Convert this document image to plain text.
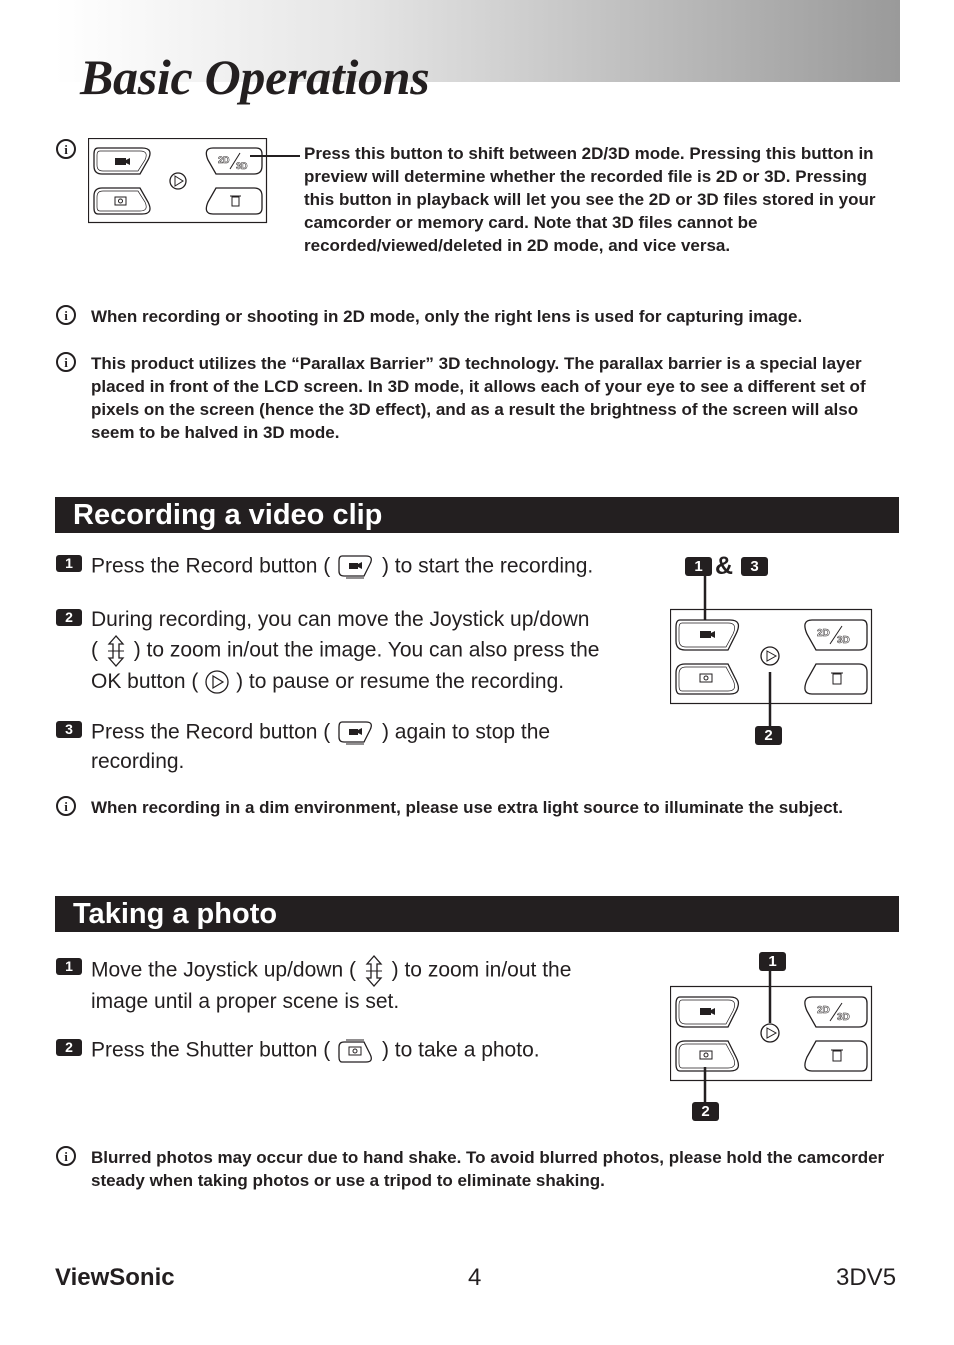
Basic Operations
i
2D
3D
Press this button to shift between 2D/3D mode. Pressing this button in preview will determine whether the recorded file is 2D or 3D. Pressing this button in playback will let you see the 2D or 3D files stored in your camcorder or memory card. Note that 3D files cannot be recorded/viewed/deleted in 2D mode, and vice versa.
i When recording or shooting in 2D mode, only the right lens is used for capturing image.
i This product utilizes the “Parallax Barrier” 3D technology. The parallax barrier is a special layer placed in front of the LCD screen. In 3D mode, it allows each of your eye to see a different set of pixels on the screen (hence the 3D effect), and as a result the brightness of the screen will also seem to be halved in 3D mode.
Recording a video clip
1 Press the Record button ( ) to start the recording.
2 During recording, you can move the Joystick up/down
( ) to zoom in/out the image. You can also press the
OK button ( ) to pause or resume the recording.
3 Press the Record button ( ) again to stop the
recording.
1 &	3
2D
3D
2
i When recording in a dim environment, please use extra light source to illuminate the subject.
Taking a photo
1 Move the Joystick up/down ( ) to zoom in/out the
image until a proper scene is set.
2 Press the Shutter button ( ) to take a photo.
1
2D
3D
2
i Blurred photos may occur due to hand shake. To avoid blurred photos, please hold the camcorder steady when taking photos or use a tripod to eliminate shaking.
ViewSonic	4	3DV5
